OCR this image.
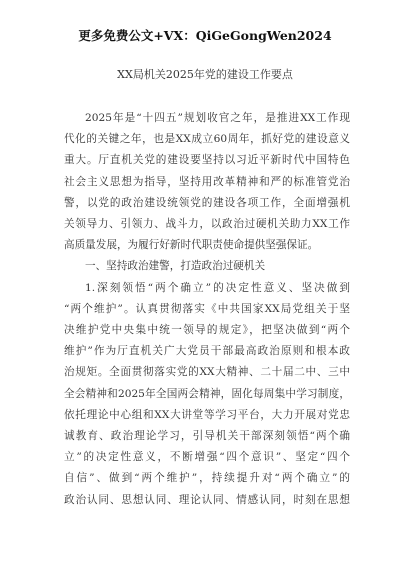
更多免费公文+VX：QiGeGongWen2024
XX局机关2025年党的建设工作要点

2025年是“十四五”规划收官之年，是推进XX工作现
代化的关键之年，也是XX成立60周年，抓好党的建设意义
重大。厅直机关党的建设要坚持以习近平新时代中国特色
社会主义思想为指导，坚持用改革精神和严的标准管党治
警，以党的政治建设统领党的建设各项工作，全面增强机
关领导力、引领力、战斗力，以政治过硬机关助力XX工作
高质量发展，为履行好新时代职责使命提供坚强保证。

一、坚持政治建警，打造政治过硬机关

1.深刻领悟“两个确立”的决定性意义、坚决做到
“两个维护”。认真贯彻落实《中共国家XX局党组关于坚
决维护党中央集中统一领导的规定》，把坚决做到“两个
维护”作为厅直机关广大党员干部最高政治原则和根本政
治规矩。全面贯彻落实党的XX大精神、二十届二中、三中
全会精神和2025年全国两会精神，固化每周集中学习制度，
依托理论中心组和XX大讲堂等学习平台，大力开展对党忠
诚教育、政治理论学习，引导机关干部深刻领悟“两个确
立”的决定性意义，不断增强“四个意识”、坚定“四个
自信”、做到“两个维护”，持续提升对“两个确立”的
政治认同、思想认同、理论认同、情感认同，时刻在思想
